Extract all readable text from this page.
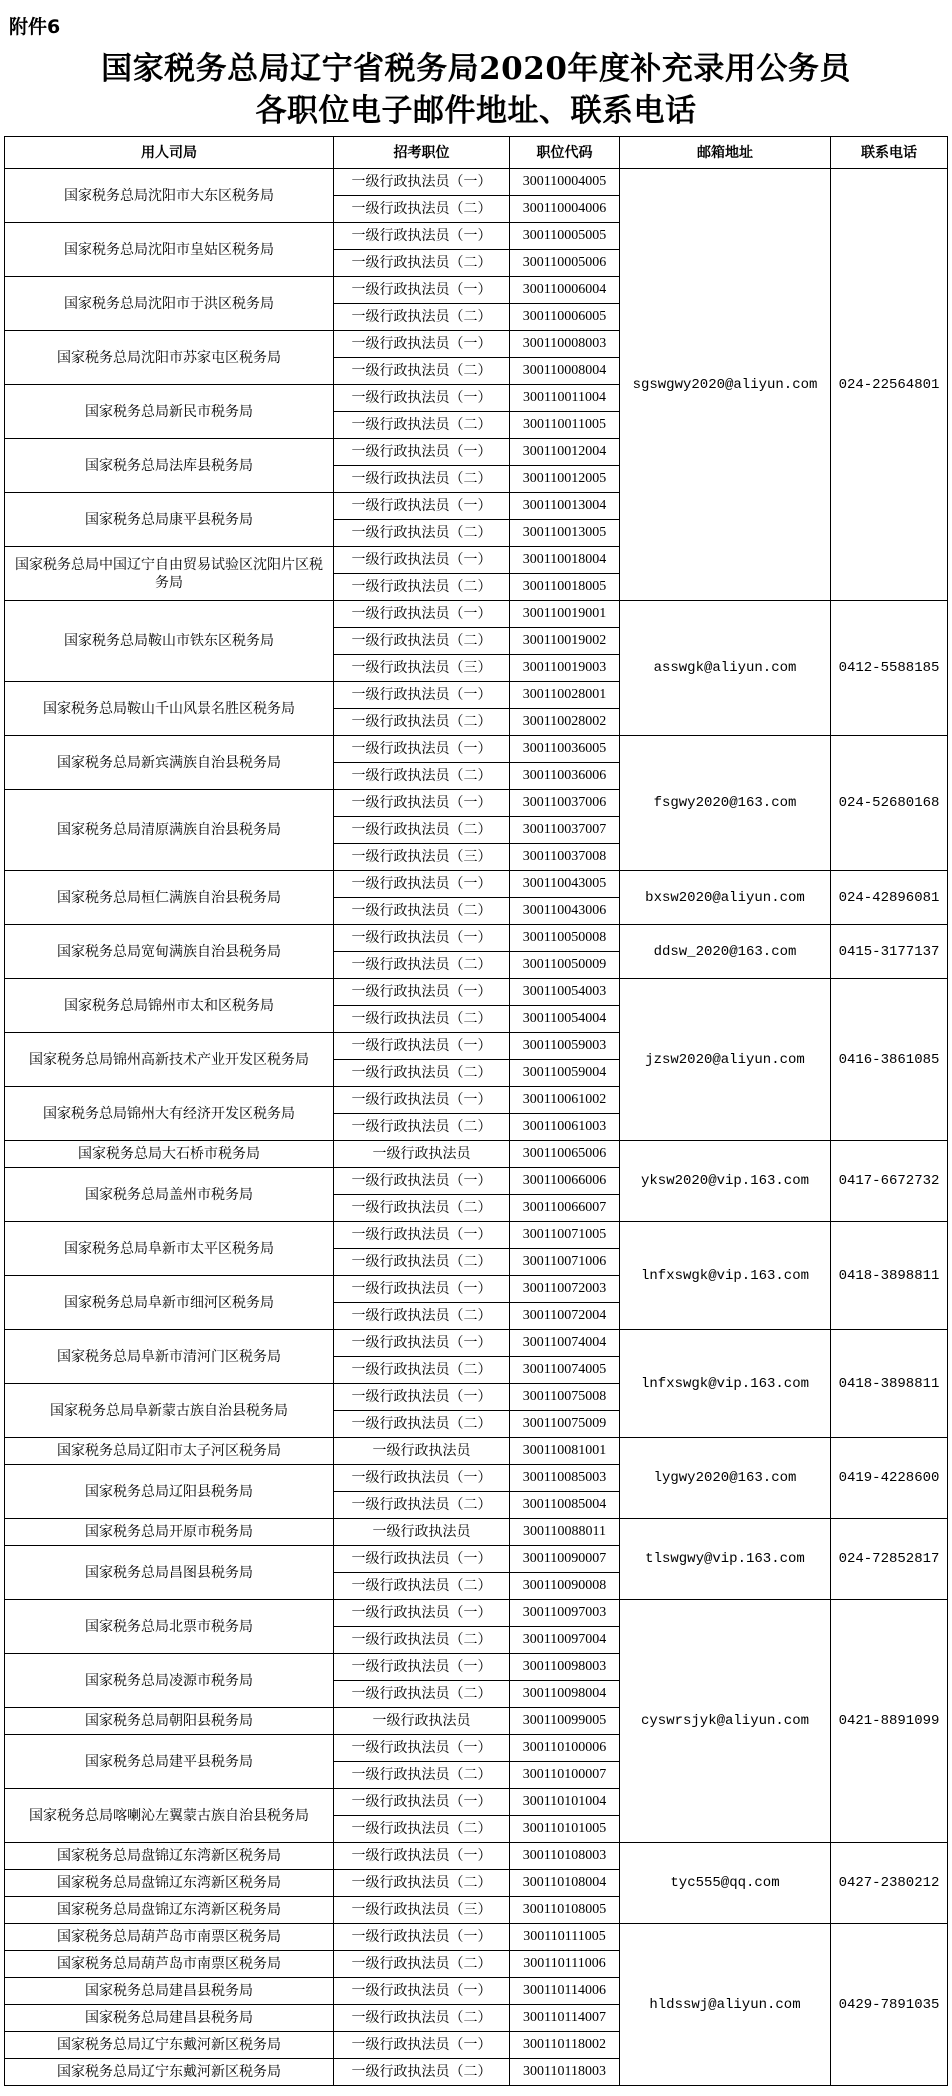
附件6
国家税务总局辽宁省税务局2020年度补充录用公务员
各职位电子邮件地址、联系电话
用人司局	招考职位	职位代码	邮箱地址	联系电话
国家税务总局沈阳市大东区税务局	一级行政执法员（一）	300110004005	sgswgwy2020@aliyun.com	024-22564801
	一级行政执法员（二）	300110004006		
国家税务总局沈阳市皇姑区税务局	一级行政执法员（一）	300110005005		
	一级行政执法员（二）	300110005006		
国家税务总局沈阳市于洪区税务局	一级行政执法员（一）	300110006004		
	一级行政执法员（二）	300110006005		
国家税务总局沈阳市苏家屯区税务局	一级行政执法员（一）	300110008003		
	一级行政执法员（二）	300110008004		
国家税务总局新民市税务局	一级行政执法员（一）	300110011004		
	一级行政执法员（二）	300110011005		
国家税务总局法库县税务局	一级行政执法员（一）	300110012004		
	一级行政执法员（二）	300110012005		
国家税务总局康平县税务局	一级行政执法员（一）	300110013004		
	一级行政执法员（二）	300110013005		
国家税务总局中国辽宁自由贸易试验区沈阳片区税务局	一级行政执法员（一）	300110018004		
	一级行政执法员（二）	300110018005		
国家税务总局鞍山市铁东区税务局	一级行政执法员（一）	300110019001	asswgk@aliyun.com	0412-5588185
	一级行政执法员（二）	300110019002		
	一级行政执法员（三）	300110019003		
国家税务总局鞍山千山风景名胜区税务局	一级行政执法员（一）	300110028001		
	一级行政执法员（二）	300110028002		
国家税务总局新宾满族自治县税务局	一级行政执法员（一）	300110036005	fsgwy2020@163.com	024-52680168
	一级行政执法员（二）	300110036006		
国家税务总局清原满族自治县税务局	一级行政执法员（一）	300110037006		
	一级行政执法员（二）	300110037007		
	一级行政执法员（三）	300110037008		
国家税务总局桓仁满族自治县税务局	一级行政执法员（一）	300110043005	bxsw2020@aliyun.com	024-42896081
	一级行政执法员（二）	300110043006		
国家税务总局宽甸满族自治县税务局	一级行政执法员（一）	300110050008	ddsw_2020@163.com	0415-3177137
	一级行政执法员（二）	300110050009		
国家税务总局锦州市太和区税务局	一级行政执法员（一）	300110054003	jzsw2020@aliyun.com	0416-3861085
	一级行政执法员（二）	300110054004		
国家税务总局锦州高新技术产业开发区税务局	一级行政执法员（一）	300110059003		
	一级行政执法员（二）	300110059004		
国家税务总局锦州大有经济开发区税务局	一级行政执法员（一）	300110061002		
	一级行政执法员（二）	300110061003		
国家税务总局大石桥市税务局	一级行政执法员	300110065006	yksw2020@vip.163.com	0417-6672732
国家税务总局盖州市税务局	一级行政执法员（一）	300110066006		
	一级行政执法员（二）	300110066007		
国家税务总局阜新市太平区税务局	一级行政执法员（一）	300110071005	lnfxswgk@vip.163.com	0418-3898811
	一级行政执法员（二）	300110071006		
国家税务总局阜新市细河区税务局	一级行政执法员（一）	300110072003		
	一级行政执法员（二）	300110072004		
国家税务总局阜新市清河门区税务局	一级行政执法员（一）	300110074004	lnfxswgk@vip.163.com	0418-3898811
	一级行政执法员（二）	300110074005		
国家税务总局阜新蒙古族自治县税务局	一级行政执法员（一）	300110075008		
	一级行政执法员（二）	300110075009		
国家税务总局辽阳市太子河区税务局	一级行政执法员	300110081001	lygwy2020@163.com	0419-4228600
国家税务总局辽阳县税务局	一级行政执法员（一）	300110085003		
	一级行政执法员（二）	300110085004		
国家税务总局开原市税务局	一级行政执法员	300110088011	tlswgwy@vip.163.com	024-72852817
国家税务总局昌图县税务局	一级行政执法员（一）	300110090007		
	一级行政执法员（二）	300110090008		
国家税务总局北票市税务局	一级行政执法员（一）	300110097003	cyswrsjyk@aliyun.com	0421-8891099
	一级行政执法员（二）	300110097004		
国家税务总局凌源市税务局	一级行政执法员（一）	300110098003		
	一级行政执法员（二）	300110098004		
国家税务总局朝阳县税务局	一级行政执法员	300110099005		
国家税务总局建平县税务局	一级行政执法员（一）	300110100006		
	一级行政执法员（二）	300110100007		
国家税务总局喀喇沁左翼蒙古族自治县税务局	一级行政执法员（一）	300110101004		
	一级行政执法员（二）	300110101005		
国家税务总局盘锦辽东湾新区税务局	一级行政执法员（一）	300110108003	tyc555@qq.com	0427-2380212
国家税务总局盘锦辽东湾新区税务局	一级行政执法员（二）	300110108004		
国家税务总局盘锦辽东湾新区税务局	一级行政执法员（三）	300110108005		
国家税务总局葫芦岛市南票区税务局	一级行政执法员（一）	300110111005	hldsswj@aliyun.com	0429-7891035
国家税务总局葫芦岛市南票区税务局	一级行政执法员（二）	300110111006		
国家税务总局建昌县税务局	一级行政执法员（一）	300110114006		
国家税务总局建昌县税务局	一级行政执法员（二）	300110114007		
国家税务总局辽宁东戴河新区税务局	一级行政执法员（一）	300110118002		
国家税务总局辽宁东戴河新区税务局	一级行政执法员（二）	300110118003		
